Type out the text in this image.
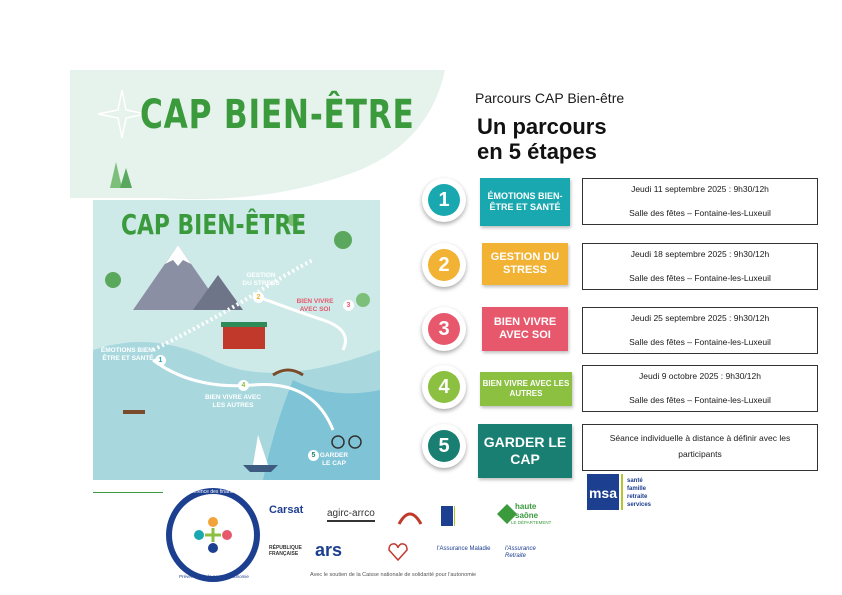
CAP BIEN-ÊTRE
CAP BIEN-ÊTRE
ÉMOTIONS BIEN-ÊTRE ET SANTÉ 1
GESTION DU STRESS
2
BIEN VIVRE AVEC SOI
3
BIEN VIVRE AVEC LES AUTRES
4
GARDER LE CAP
5
Parcours CAP Bien-être
Un parcours
en 5 étapes
1	ÉMOTIONS BIEN-ÊTRE ET SANTÉ
Jeudi 11 septembre 2025 : 9h30/12h
Salle des fêtes – Fontaine-les-Luxeuil
2	GESTION DU STRESS
Jeudi 18 septembre 2025 : 9h30/12h
Salle des fêtes – Fontaine-les-Luxeuil
3	BIEN VIVRE AVEC SOI
Jeudi 25 septembre 2025 : 9h30/12h
Salle des fêtes – Fontaine-les-Luxeuil
4	BIEN VIVRE AVEC LES AUTRES
Jeudi 9 octobre 2025 : 9h30/12h
Salle des fêtes – Fontaine-les-Luxeuil
5	GARDER LE CAP
Séance individuelle à distance à définir avec les participants
msa
santé
famille
retraite
services
Conférence des financeurs
Prévention de la perte d'autonomie
Carsat agirc-arrco
haute saône
LE DÉPARTEMENT
RÉPUBLIQUE FRANÇAISE ars	l'Assurance Maladie l'Assurance Retraite
Avec le soutien de la Caisse nationale de solidarité pour l'autonomie
